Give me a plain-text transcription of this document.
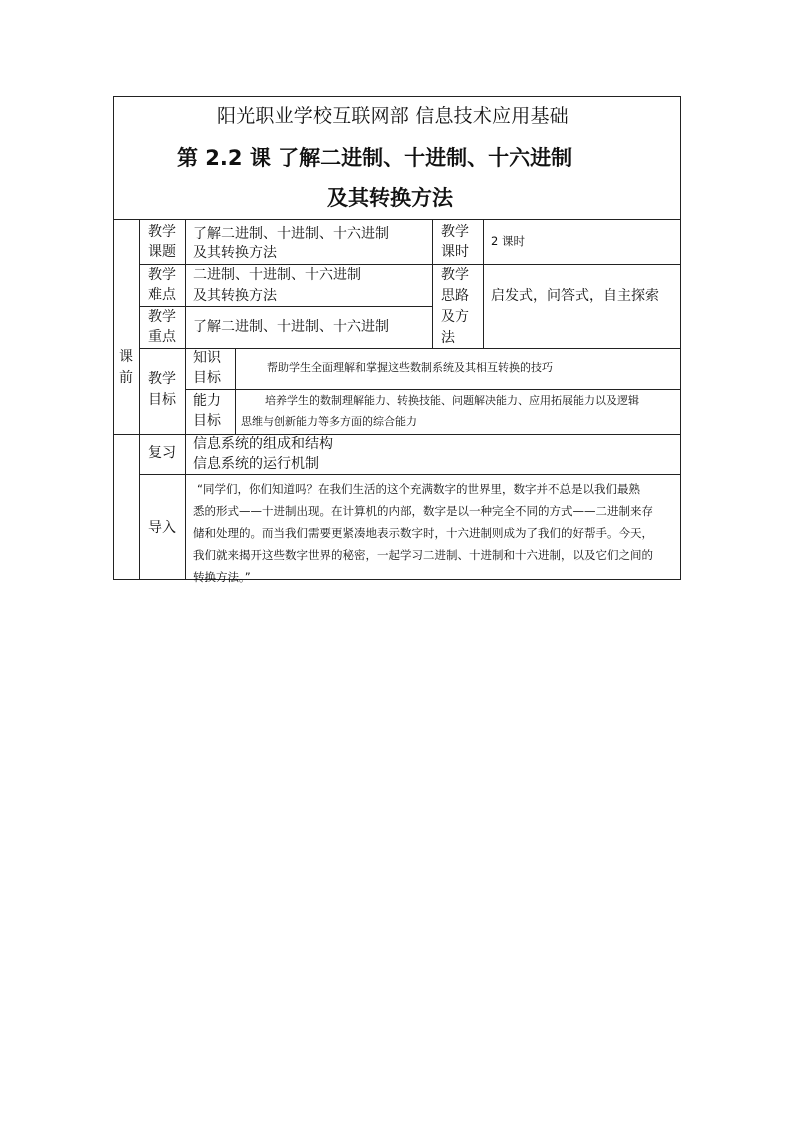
阳光职业学校互联网部 信息技术应用基础
第 2.2 课 了解二进制、十进制、十六进制
及其转换方法
课
前
教学
课题
了解二进制、十进制、十六进制
及其转换方法
教学
课时
2 课时
教学
难点
二进制、十进制、十六进制
及其转换方法
教学
思路
及方
法
启发式，问答式，自主探索
教学
重点
了解二进制、十进制、十六进制
教学
目标
知识
目标
帮助学生全面理解和掌握这些数制系统及其相互转换的技巧
能力
目标
培养学生的数制理解能力、转换技能、问题解决能力、应用拓展能力以及逻辑
思维与创新能力等多方面的综合能力
复习
信息系统的组成和结构
信息系统的运行机制
导入
“同学们，你们知道吗？在我们生活的这个充满数字的世界里，数字并不总是以我们最熟
悉的形式——十进制出现。在计算机的内部，数字是以一种完全不同的方式——二进制来存
储和处理的。而当我们需要更紧凑地表示数字时，十六进制则成为了我们的好帮手。今天，
我们就来揭开这些数字世界的秘密，一起学习二进制、十进制和十六进制，以及它们之间的
转换方法。”
